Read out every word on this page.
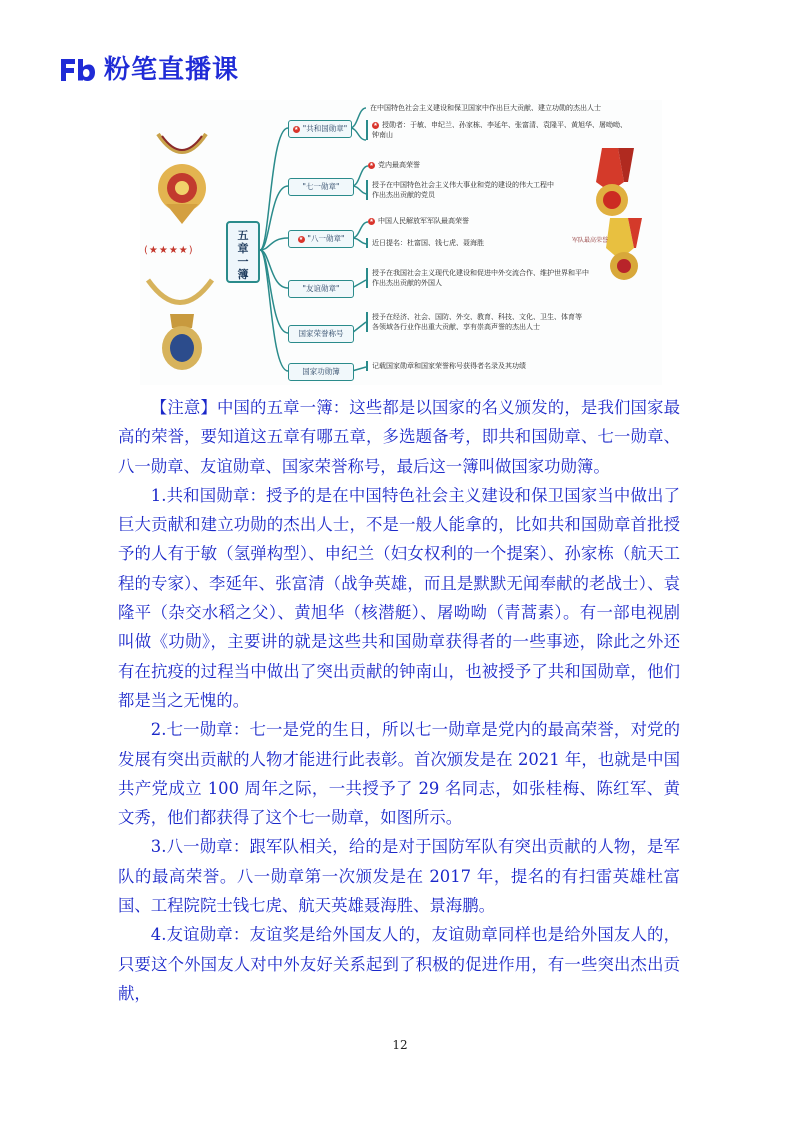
粉笔直播课
(★★★★)
五
章
一
簿
★ "共和国勋章"
在中国特色社会主义建设和保卫国家中作出巨大贡献、建立功勋的杰出人士
★ 授勋者：于敏、申纪兰、孙家栋、李延年、张富清、袁隆平、黄旭华、屠呦呦、
钟南山
"七一勋章"
★ 党内最高荣誉
授予在中国特色社会主义伟大事业和党的建设的伟大工程中
作出杰出贡献的党员
★ "八一勋章"
★ 中国人民解放军军队最高荣誉
近日提名：杜富国、钱七虎、聂海胜	军队最高荣誉
"友谊勋章"
授予在我国社会主义现代化建设和促进中外交流合作、维护世界和平中
作出杰出贡献的外国人
国家荣誉称号
授予在经济、社会、国防、外交、教育、科技、文化、卫生、体育等
各领域各行业作出重大贡献、享有崇高声誉的杰出人士
国家功勋簿
记载国家勋章和国家荣誉称号获得者名录及其功绩

【注意】中国的五章一簿：这些都是以国家的名义颁发的，是我们国家最高的荣誉，要知道这五章有哪五章，多选题备考，即共和国勋章、七一勋章、八一勋章、友谊勋章、国家荣誉称号，最后这一簿叫做国家功勋簿。

1.共和国勋章：授予的是在中国特色社会主义建设和保卫国家当中做出了巨大贡献和建立功勋的杰出人士，不是一般人能拿的，比如共和国勋章首批授予的人有于敏（氢弹构型）、申纪兰（妇女权利的一个提案）、孙家栋（航天工程的专家）、李延年、张富清（战争英雄，而且是默默无闻奉献的老战士）、袁隆平（杂交水稻之父）、黄旭华（核潜艇）、屠呦呦（青蒿素）。有一部电视剧叫做《功勋》，主要讲的就是这些共和国勋章获得者的一些事迹，除此之外还有在抗疫的过程当中做出了突出贡献的钟南山，也被授予了共和国勋章，他们都是当之无愧的。

2.七一勋章：七一是党的生日，所以七一勋章是党内的最高荣誉，对党的发展有突出贡献的人物才能进行此表彰。首次颁发是在 2021 年，也就是中国共产党成立 100 周年之际，一共授予了 29 名同志，如张桂梅、陈红军、黄文秀，他们都获得了这个七一勋章，如图所示。

3.八一勋章：跟军队相关，给的是对于国防军队有突出贡献的人物，是军队的最高荣誉。八一勋章第一次颁发是在 2017 年，提名的有扫雷英雄杜富国、工程院院士钱七虎、航天英雄聂海胜、景海鹏。

4.友谊勋章：友谊奖是给外国友人的，友谊勋章同样也是给外国友人的，只要这个外国友人对中外友好关系起到了积极的促进作用，有一些突出杰出贡献，

12
